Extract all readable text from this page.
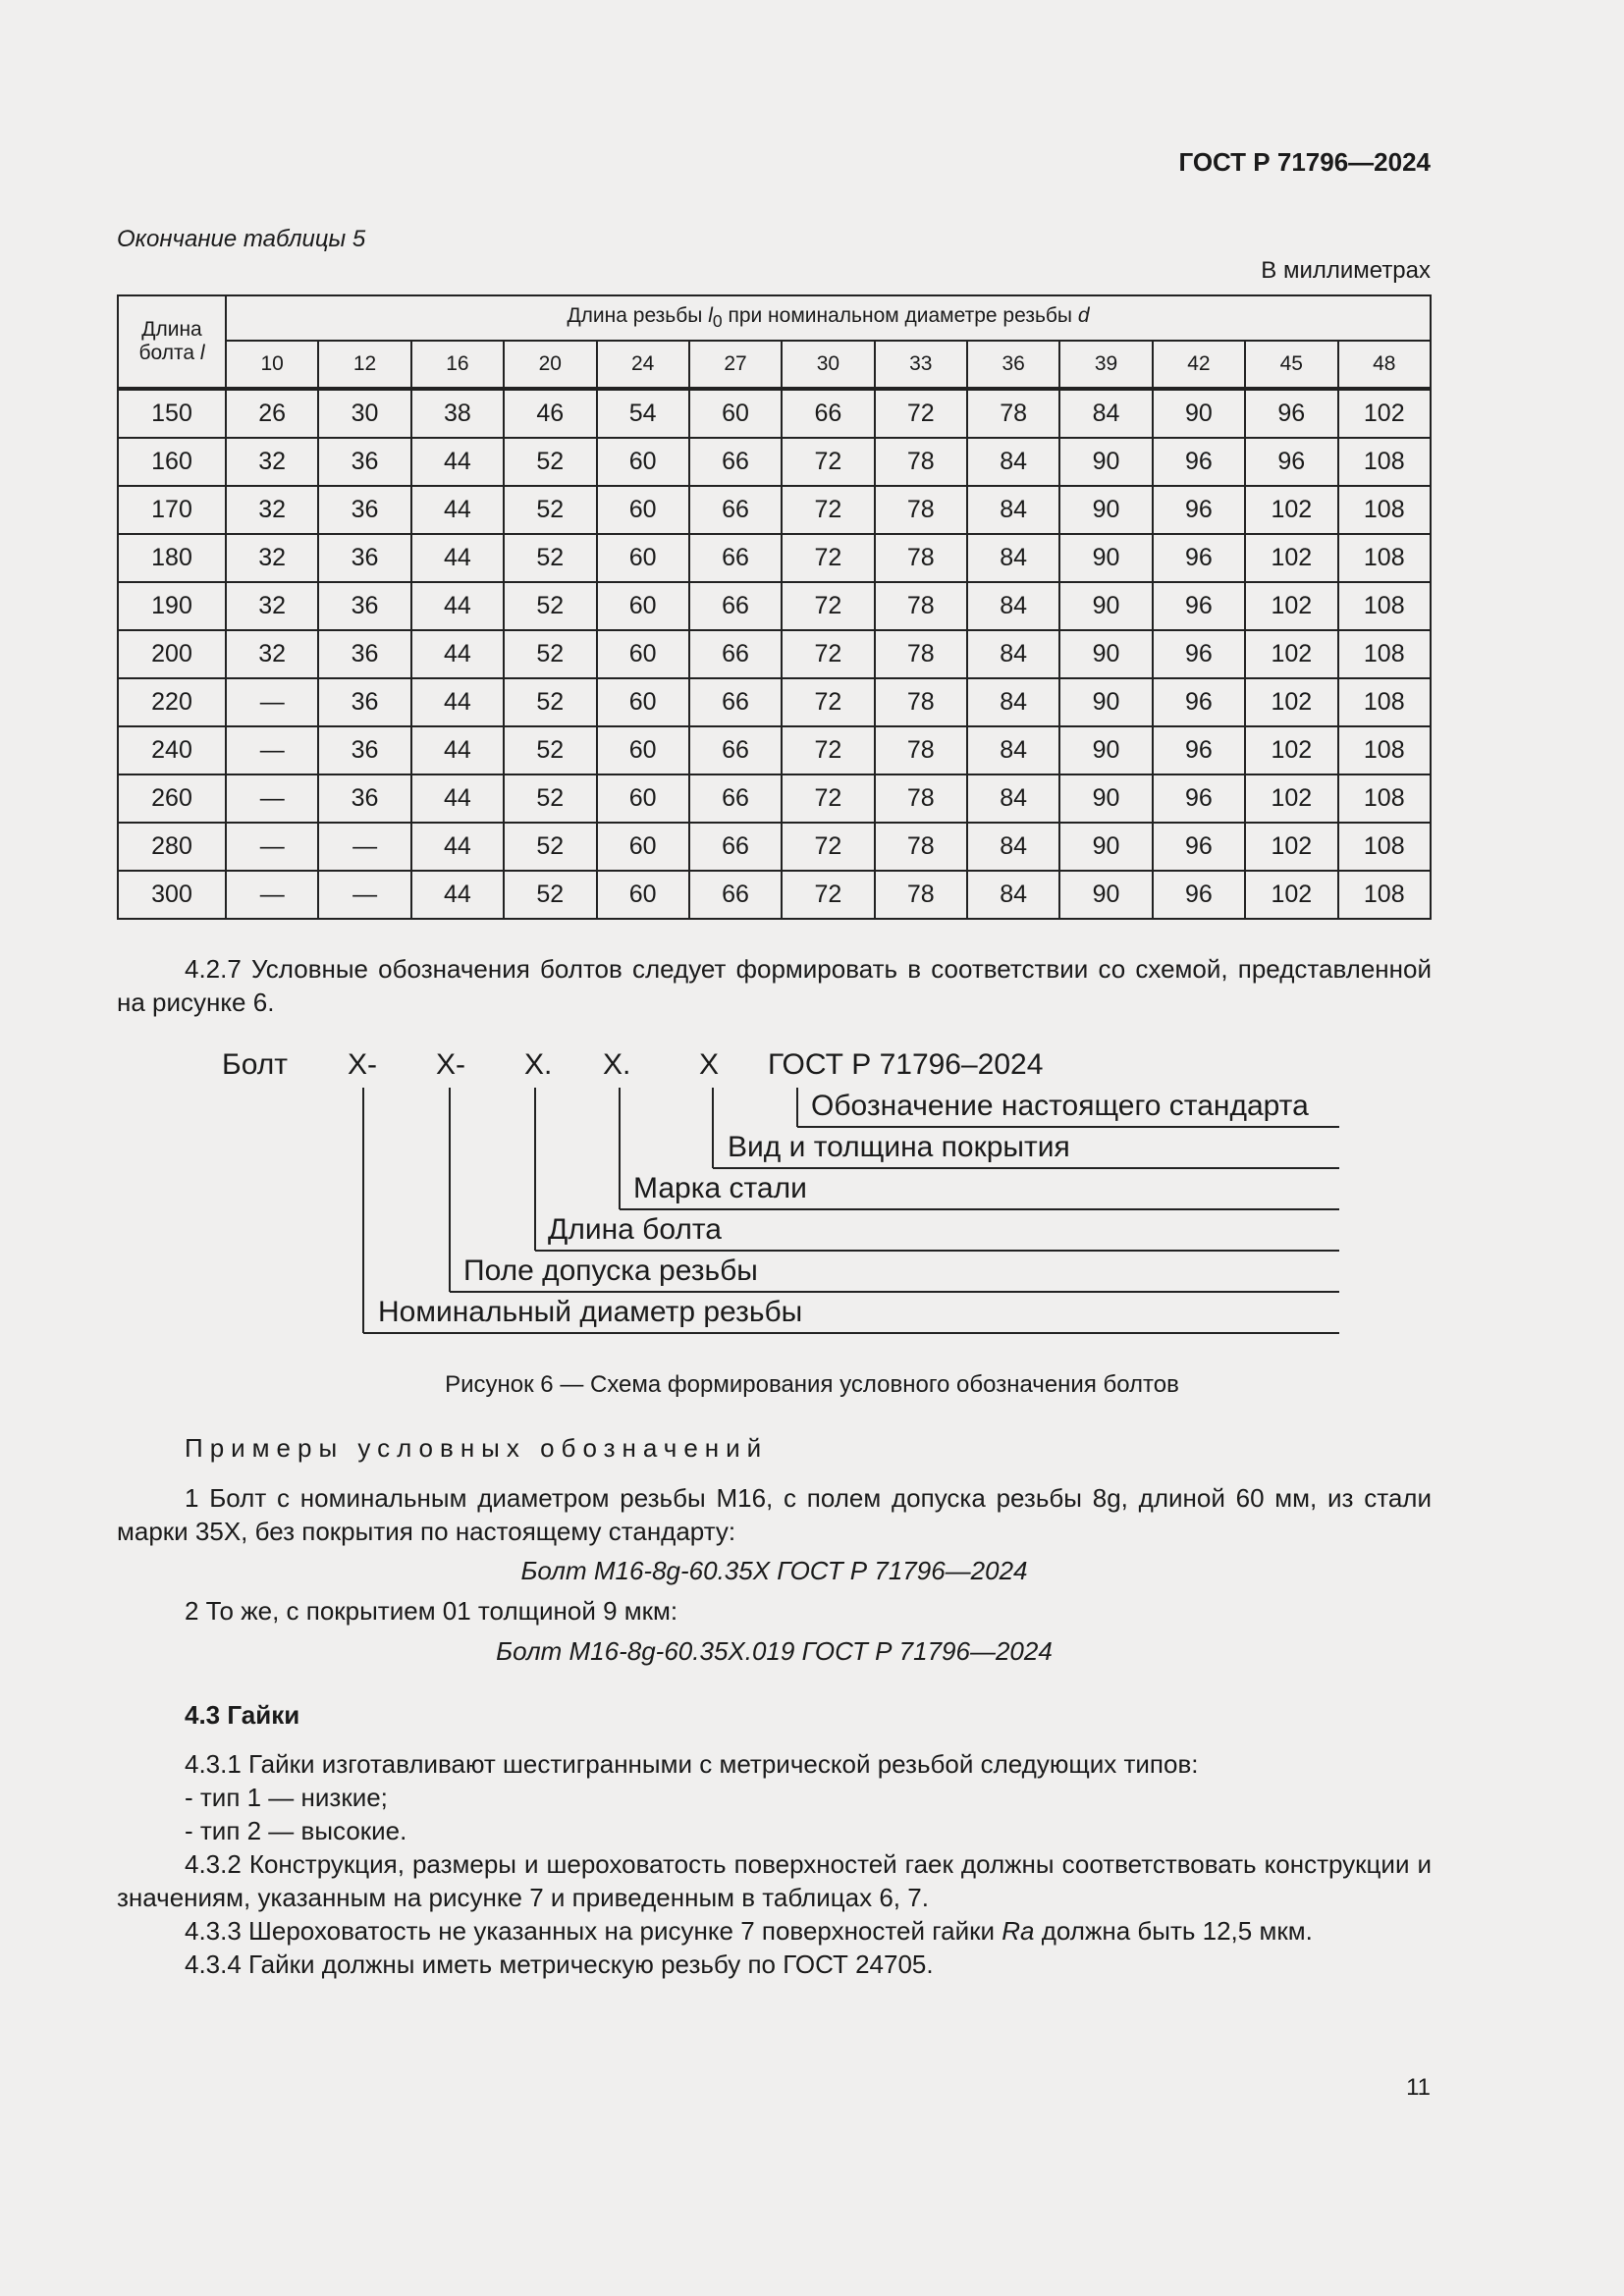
ГОСТ Р 71796—2024
Окончание таблицы 5
В миллиметрах
Длина
болта l	Длина резьбы $l_0$ при номинальном диаметре резьбы d												
	10	12	16	20	24	27	30	33	36	39	42	45	48
150	26	30	38	46	54	60	66	72	78	84	90	96	102
160	32	36	44	52	60	66	72	78	84	90	96	96	108
170	32	36	44	52	60	66	72	78	84	90	96	102	108
180	32	36	44	52	60	66	72	78	84	90	96	102	108
190	32	36	44	52	60	66	72	78	84	90	96	102	108
200	32	36	44	52	60	66	72	78	84	90	96	102	108
220	—	36	44	52	60	66	72	78	84	90	96	102	108
240	—	36	44	52	60	66	72	78	84	90	96	102	108
260	—	36	44	52	60	66	72	78	84	90	96	102	108
280	—	—	44	52	60	66	72	78	84	90	96	102	108
300	—	—	44	52	60	66	72	78	84	90	96	102	108
4.2.7 Условные обозначения болтов следует формировать в соответствии со схемой, представленной на рисунке 6.
Болт Х- Х- Х. Х. Х ГОСТ Р 71796–2024
Обозначение настоящего стандарта
Вид и толщина покрытия
Марка стали
Длина болта
Поле допуска резьбы
Номинальный диаметр резьбы
Рисунок 6 — Схема формирования условного обозначения болтов
Примеры условных обозначений
1 Болт с номинальным диаметром резьбы М16, с полем допуска резьбы 8g, длиной 60 мм, из стали марки 35Х, без покрытия по настоящему стандарту:
Болт М16-8g-60.35Х ГОСТ Р 71796—2024
2 То же, с покрытием 01 толщиной 9 мкм:
Болт М16-8g-60.35Х.019 ГОСТ Р 71796—2024
4.3 Гайки
4.3.1 Гайки изготавливают шестигранными с метрической резьбой следующих типов:
- тип 1 — низкие;
- тип 2 — высокие.
4.3.2 Конструкция, размеры и шероховатость поверхностей гаек должны соответствовать конструкции и значениям, указанным на рисунке 7 и приведенным в таблицах 6, 7.
4.3.3 Шероховатость не указанных на рисунке 7 поверхностей гайки Ra должна быть 12,5 мкм.
4.3.4 Гайки должны иметь метрическую резьбу по ГОСТ 24705.
11
